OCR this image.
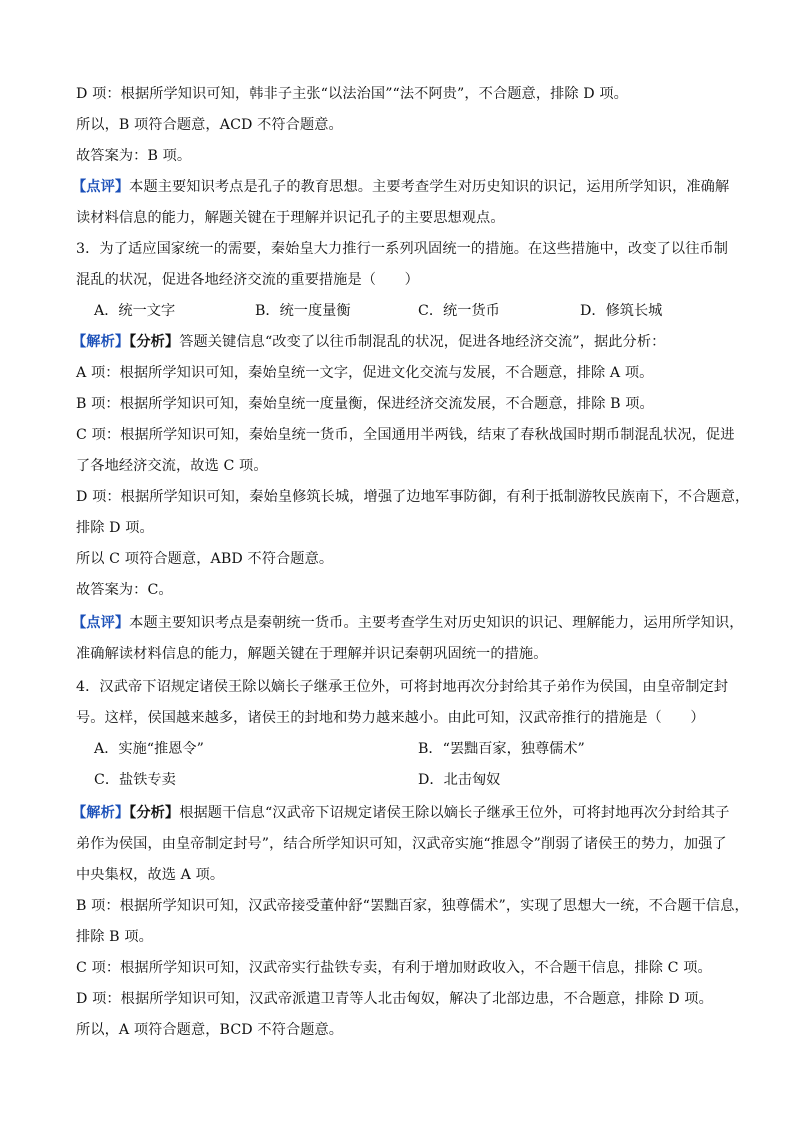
D 项：根据所学知识可知，韩非子主张“以法治国”“法不阿贵”，不合题意，排除 D 项。
所以，B 项符合题意，ACD 不符合题意。
故答案为：B 项。
【点评】本题主要知识考点是孔子的教育思想。主要考查学生对历史知识的识记，运用所学知识，准确解
读材料信息的能力，解题关键在于理解并识记孔子的主要思想观点。
3．为了适应国家统一的需要，秦始皇大力推行一系列巩固统一的措施。在这些措施中，改变了以往币制
混乱的状况，促进各地经济交流的重要措施是（　　）
A．统一文字	B．统一度量衡	C．统一货币	D．修筑长城
【解析】【分析】答题关键信息“改变了以往币制混乱的状况，促进各地经济交流”，据此分析：
A 项：根据所学知识可知，秦始皇统一文字，促进文化交流与发展，不合题意，排除 A 项。
B 项：根据所学知识可知，秦始皇统一度量衡，保进经济交流发展，不合题意，排除 B 项。
C 项：根据所学知识可知，秦始皇统一货币，全国通用半两钱，结束了春秋战国时期币制混乱状况，促进
了各地经济交流，故选 C 项。
D 项：根据所学知识可知，秦始皇修筑长城，增强了边地军事防御，有利于抵制游牧民族南下，不合题意，
排除 D 项。
所以 C 项符合题意，ABD 不符合题意。
故答案为：C。
【点评】本题主要知识考点是秦朝统一货币。主要考查学生对历史知识的识记、理解能力，运用所学知识，
准确解读材料信息的能力，解题关键在于理解并识记秦朝巩固统一的措施。
4．汉武帝下诏规定诸侯王除以嫡长子继承王位外，可将封地再次分封给其子弟作为侯国，由皇帝制定封
号。这样，侯国越来越多，诸侯王的封地和势力越来越小。由此可知，汉武帝推行的措施是（　　）
A．实施“推恩令”	B．“罢黜百家，独尊儒术”
C．盐铁专卖	D．北击匈奴
【解析】【分析】根据题干信息“汉武帝下诏规定诸侯王除以嫡长子继承王位外，可将封地再次分封给其子
弟作为侯国，由皇帝制定封号”，结合所学知识可知，汉武帝实施“推恩令”削弱了诸侯王的势力，加强了
中央集权，故选 A 项。
B 项：根据所学知识可知，汉武帝接受董仲舒“罢黜百家，独尊儒术”，实现了思想大一统，不合题干信息，
排除 B 项。
C 项：根据所学知识可知，汉武帝实行盐铁专卖，有利于增加财政收入，不合题干信息，排除 C 项。
D 项：根据所学知识可知，汉武帝派遣卫青等人北击匈奴，解决了北部边患，不合题意，排除 D 项。
所以，A 项符合题意，BCD 不符合题意。
